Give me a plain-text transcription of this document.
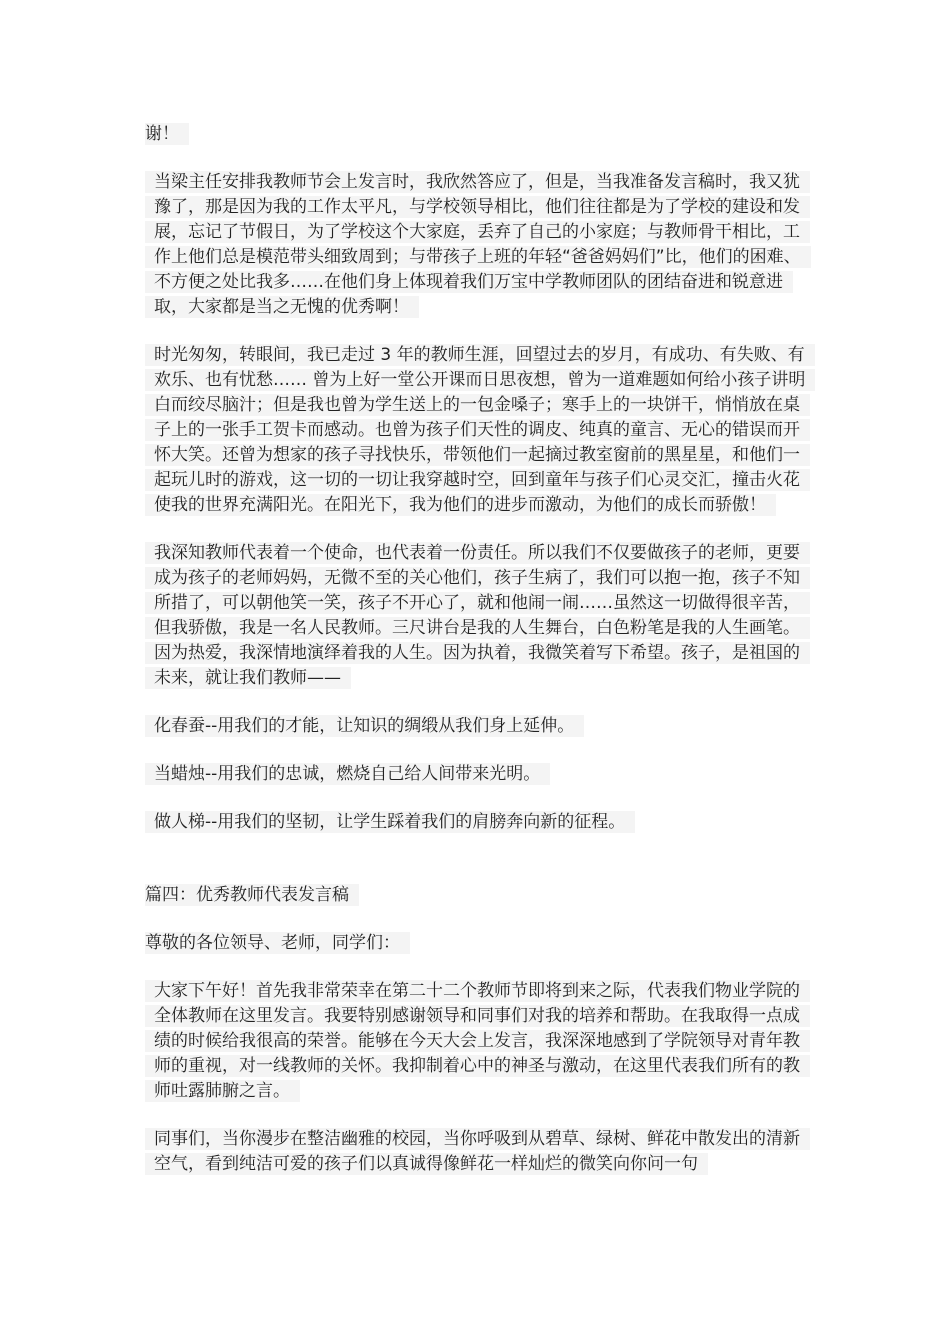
谢！

当梁主任安排我教师节会上发言时，我欣然答应了，但是，当我准备发言稿时，我又犹豫了，那是因为我的工作太平凡，与学校领导相比，他们往往都是为了学校的建设和发展，忘记了节假日，为了学校这个大家庭，丢弃了自己的小家庭；与教师骨干相比，工作上他们总是模范带头细致周到；与带孩子上班的年轻“爸爸妈妈们”比，他们的困难、不方便之处比我多……在他们身上体现着我们万宝中学教师团队的团结奋进和锐意进取，大家都是当之无愧的优秀啊！

时光匆匆，转眼间，我已走过 3 年的教师生涯，回望过去的岁月，有成功、有失败、有欢乐、也有忧愁…… 曾为上好一堂公开课而日思夜想，曾为一道难题如何给小孩子讲明白而绞尽脑汁；但是我也曾为学生送上的一包金嗓子；寒手上的一块饼干，悄悄放在桌子上的一张手工贺卡而感动。也曾为孩子们天性的调皮、纯真的童言、无心的错误而开怀大笑。还曾为想家的孩子寻找快乐，带领他们一起摘过教室窗前的黑星星，和他们一起玩儿时的游戏，这一切的一切让我穿越时空，回到童年与孩子们心灵交汇，撞击火花使我的世界充满阳光。在阳光下，我为他们的进步而激动，为他们的成长而骄傲！

我深知教师代表着一个使命，也代表着一份责任。所以我们不仅要做孩子的老师，更要成为孩子的老师妈妈，无微不至的关心他们，孩子生病了，我们可以抱一抱，孩子不知所措了，可以朝他笑一笑，孩子不开心了，就和他闹一闹……虽然这一切做得很辛苦，但我骄傲，我是一名人民教师。三尺讲台是我的人生舞台，白色粉笔是我的人生画笔。因为热爱，我深情地演绎着我的人生。因为执着，我微笑着写下希望。孩子，是祖国的未来，就让我们教师——

化春蚕--用我们的才能，让知识的绸缎从我们身上延伸。

当蜡烛--用我们的忠诚，燃烧自己给人间带来光明。

做人梯--用我们的坚韧，让学生踩着我们的肩膀奔向新的征程。

篇四：优秀教师代表发言稿

尊敬的各位领导、老师，同学们：

大家下午好！首先我非常荣幸在第二十二个教师节即将到来之际，代表我们物业学院的全体教师在这里发言。我要特别感谢领导和同事们对我的培养和帮助。在我取得一点成绩的时候给我很高的荣誉。能够在今天大会上发言，我深深地感到了学院领导对青年教师的重视，对一线教师的关怀。我抑制着心中的神圣与激动，在这里代表我们所有的教师吐露肺腑之言。

同事们，当你漫步在整洁幽雅的校园，当你呼吸到从碧草、绿树、鲜花中散发出的清新空气，看到纯洁可爱的孩子们以真诚得像鲜花一样灿烂的微笑向你问一句
